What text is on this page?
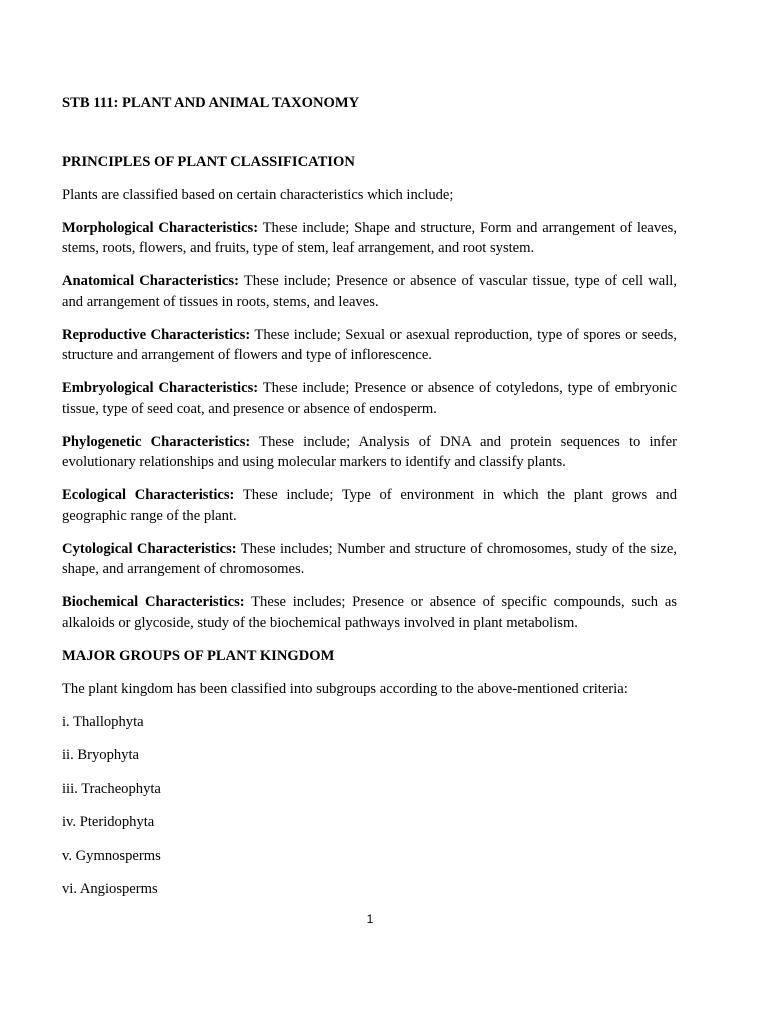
STB 111: PLANT AND ANIMAL TAXONOMY

PRINCIPLES OF PLANT CLASSIFICATION

Plants are classified based on certain characteristics which include;

Morphological Characteristics: These include; Shape and structure, Form and arrangement of leaves, stems, roots, flowers, and fruits, type of stem, leaf arrangement, and root system.

Anatomical Characteristics: These include; Presence or absence of vascular tissue, type of cell wall, and arrangement of tissues in roots, stems, and leaves.

Reproductive Characteristics: These include; Sexual or asexual reproduction, type of spores or seeds, structure and arrangement of flowers and type of inflorescence.

Embryological Characteristics: These include; Presence or absence of cotyledons, type of embryonic tissue, type of seed coat, and presence or absence of endosperm.

Phylogenetic Characteristics: These include; Analysis of DNA and protein sequences to infer evolutionary relationships and using molecular markers to identify and classify plants.

Ecological Characteristics: These include; Type of environment in which the plant grows and geographic range of the plant.

Cytological Characteristics: These includes; Number and structure of chromosomes, study of the size, shape, and arrangement of chromosomes.

Biochemical Characteristics: These includes; Presence or absence of specific compounds, such as alkaloids or glycoside, study of the biochemical pathways involved in plant metabolism.

MAJOR GROUPS OF PLANT KINGDOM

The plant kingdom has been classified into subgroups according to the above-mentioned criteria:

i. Thallophyta

ii. Bryophyta

iii. Tracheophyta

iv. Pteridophyta

v. Gymnosperms

vi. Angiosperms

1
